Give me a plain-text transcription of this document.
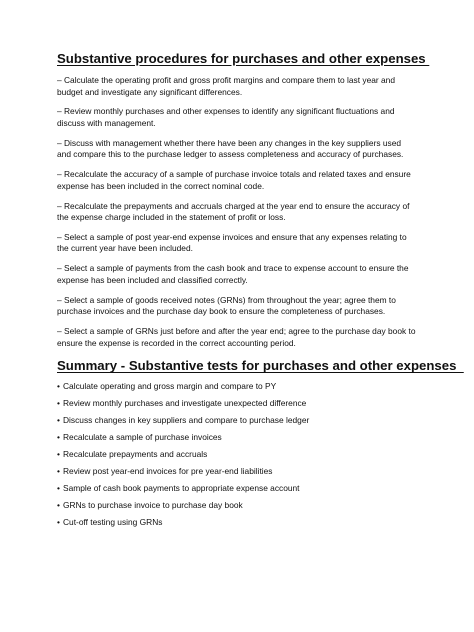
Substantive procedures for purchases and other expenses

– Calculate the operating profit and gross profit margins and compare them to last year and budget and investigate any significant differences.

– Review monthly purchases and other expenses to identify any significant fluctuations and discuss with management.

– Discuss with management whether there have been any changes in the key suppliers used and compare this to the purchase ledger to assess completeness and accuracy of purchases.

– Recalculate the accuracy of a sample of purchase invoice totals and related taxes and ensure expense has been included in the correct nominal code.

– Recalculate the prepayments and accruals charged at the year end to ensure the accuracy of the expense charge included in the statement of profit or loss.

– Select a sample of post year-end expense invoices and ensure that any expenses relating to the current year have been included.

– Select a sample of payments from the cash book and trace to expense account to ensure the expense has been included and classified correctly.

– Select a sample of goods received notes (GRNs) from throughout the year; agree them to purchase invoices and the purchase day book to ensure the completeness of purchases.

– Select a sample of GRNs just before and after the year end; agree to the purchase day book to ensure the expense is recorded in the correct accounting period.

Summary - Substantive tests for purchases and other expenses
• Calculate operating and gross margin and compare to PY
• Review monthly purchases and investigate unexpected difference
• Discuss changes in key suppliers and compare to purchase ledger
• Recalculate a sample of purchase invoices
• Recalculate prepayments and accruals
• Review post year-end invoices for pre year-end liabilities
• Sample of cash book payments to appropriate expense account
• GRNs to purchase invoice to purchase day book
• Cut-off testing using GRNs
